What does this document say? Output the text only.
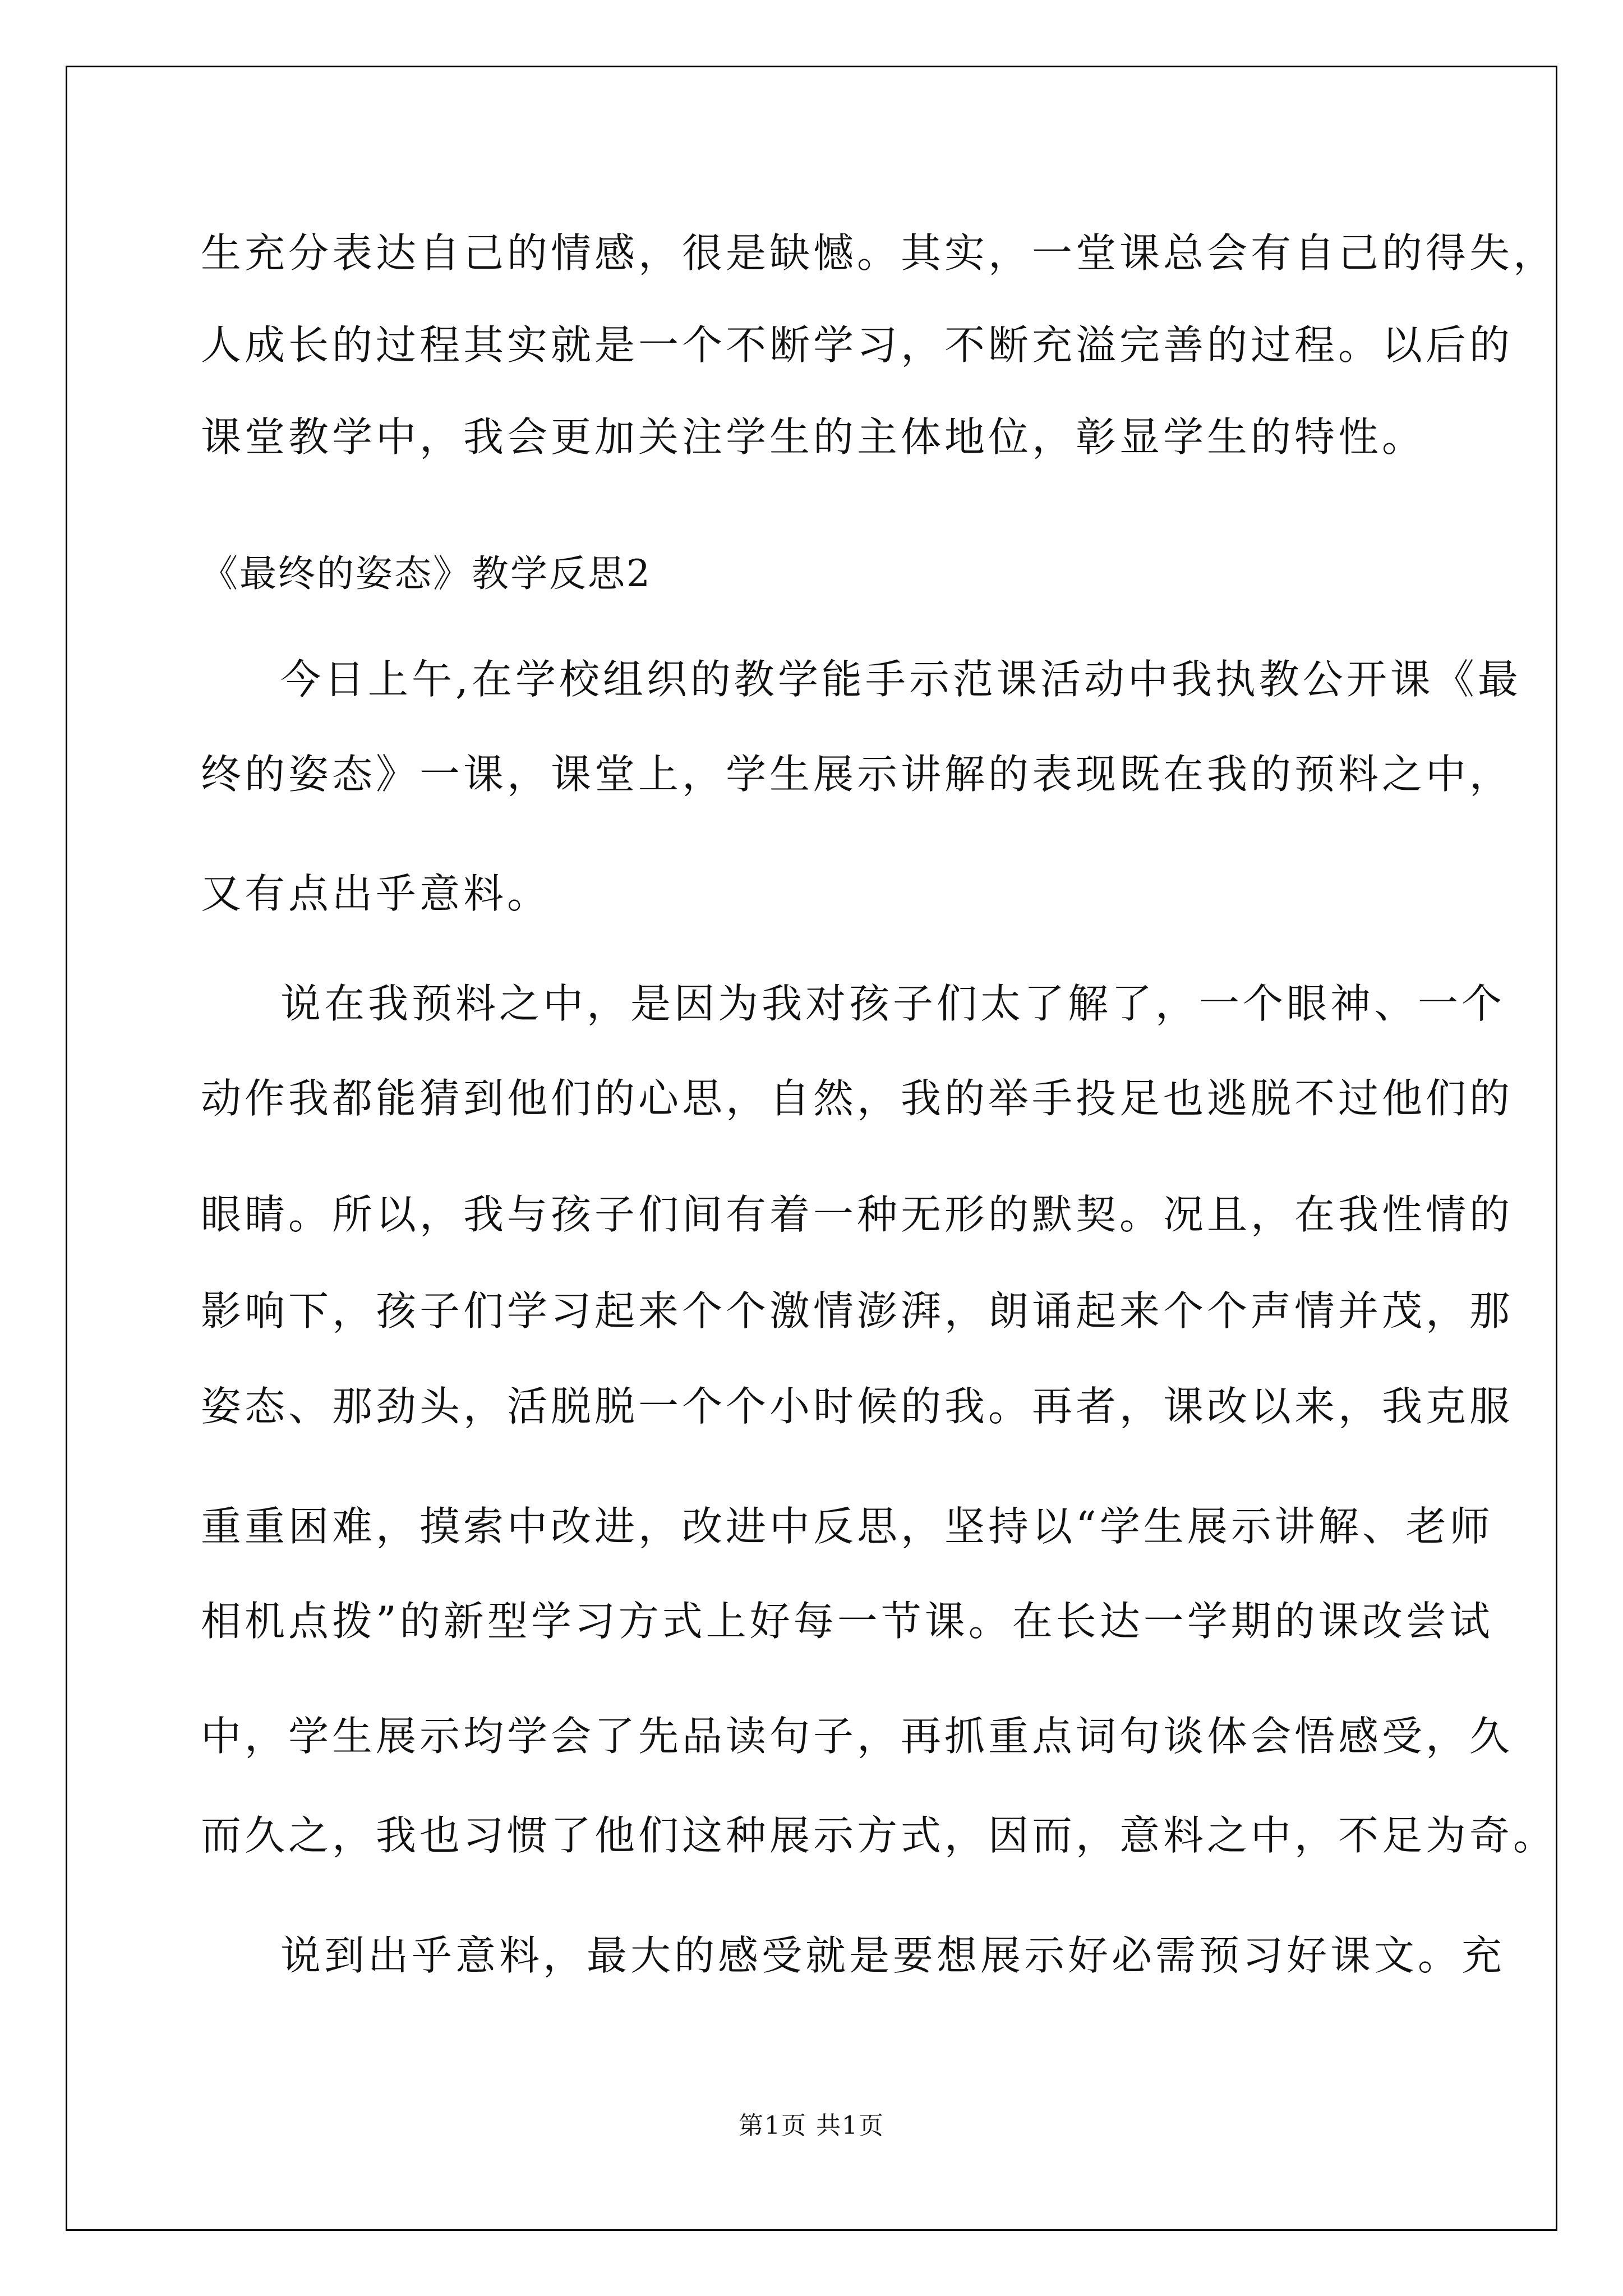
生充分表达自己的情感，很是缺憾。其实，一堂课总会有自己的得失，
人成长的过程其实就是一个不断学习，不断充溢完善的过程。以后的
课堂教学中，我会更加关注学生的主体地位，彰显学生的特性。
《最终的姿态》教学反思2
今日上午,在学校组织的教学能手示范课活动中我执教公开课《最
终的姿态》一课，课堂上，学生展示讲解的表现既在我的预料之中，
又有点出乎意料。
说在我预料之中，是因为我对孩子们太了解了，一个眼神、一个
动作我都能猜到他们的心思，自然，我的举手投足也逃脱不过他们的
眼睛。所以，我与孩子们间有着一种无形的默契。况且，在我性情的
影响下，孩子们学习起来个个激情澎湃，朗诵起来个个声情并茂，那
姿态、那劲头，活脱脱一个个小时候的我。再者，课改以来，我克服
重重困难，摸索中改进，改进中反思，坚持以“学生展示讲解、老师
相机点拨”的新型学习方式上好每一节课。在长达一学期的课改尝试
中，学生展示均学会了先品读句子，再抓重点词句谈体会悟感受，久
而久之，我也习惯了他们这种展示方式，因而，意料之中，不足为奇。
说到出乎意料，最大的感受就是要想展示好必需预习好课文。充
第1页 共1页
